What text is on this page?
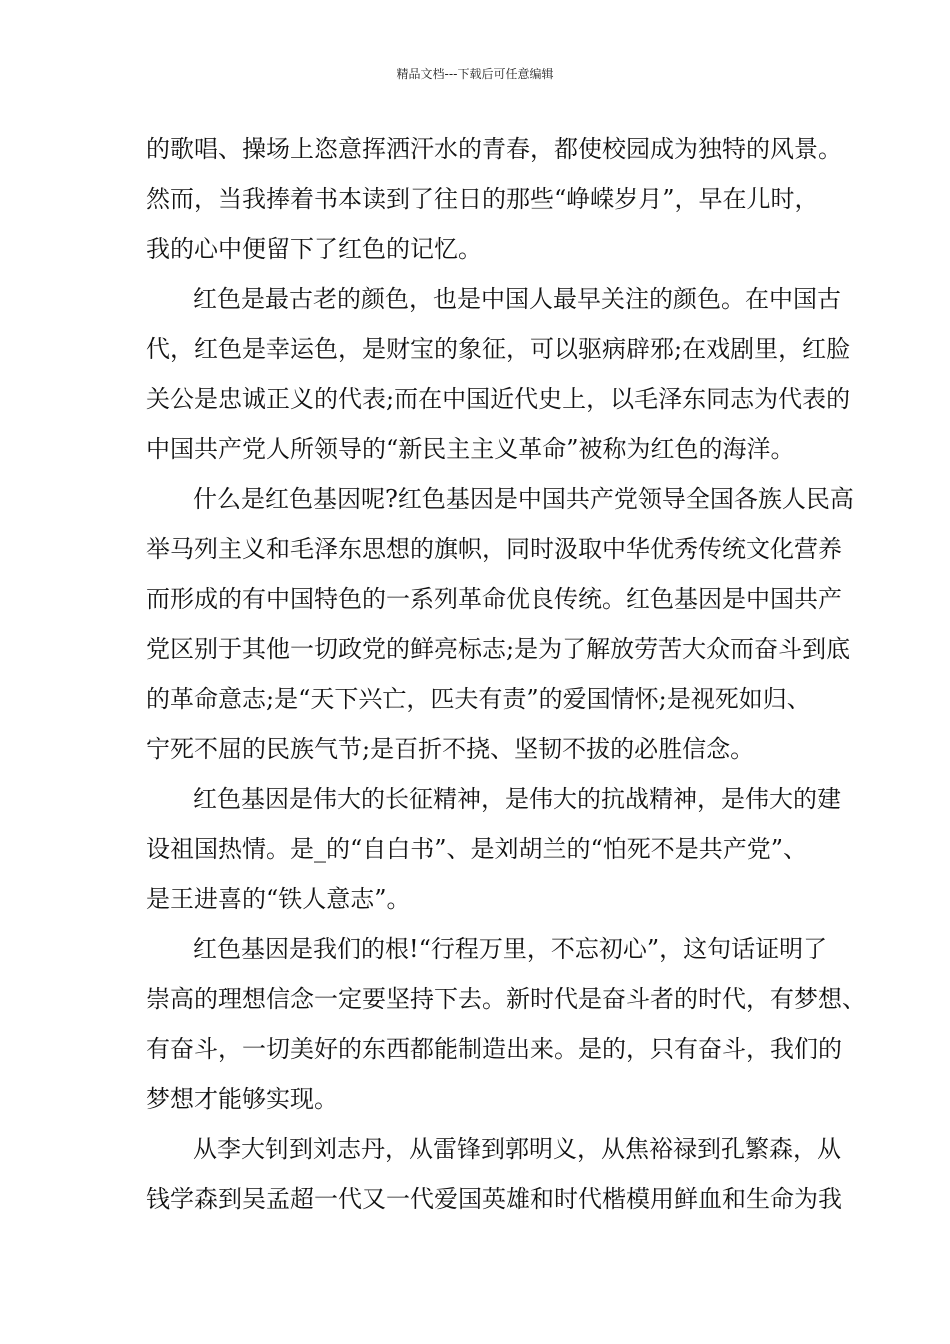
精品文档---下载后可任意编辑
的歌唱、操场上恣意挥洒汗水的青春，都使校园成为独特的风景。
然而，当我捧着书本读到了往日的那些“峥嵘岁月”，早在儿时，
我的心中便留下了红色的记忆。
红色是最古老的颜色，也是中国人最早关注的颜色。在中国古
代，红色是幸运色，是财宝的象征，可以驱病辟邪;在戏剧里，红脸
关公是忠诚正义的代表;而在中国近代史上，以毛泽东同志为代表的
中国共产党人所领导的“新民主主义革命”被称为红色的海洋。
什么是红色基因呢?红色基因是中国共产党领导全国各族人民高
举马列主义和毛泽东思想的旗帜，同时汲取中华优秀传统文化营养
而形成的有中国特色的一系列革命优良传统。红色基因是中国共产
党区别于其他一切政党的鲜亮标志;是为了解放劳苦大众而奋斗到底
的革命意志;是“天下兴亡，匹夫有责”的爱国情怀;是视死如归、
宁死不屈的民族气节;是百折不挠、坚韧不拔的必胜信念。
红色基因是伟大的长征精神，是伟大的抗战精神，是伟大的建
设祖国热情。是_的“自白书”、是刘胡兰的“怕死不是共产党”、
是王进喜的“铁人意志”。
红色基因是我们的根!“行程万里，不忘初心”，这句话证明了
崇高的理想信念一定要坚持下去。新时代是奋斗者的时代，有梦想、
有奋斗，一切美好的东西都能制造出来。是的，只有奋斗，我们的
梦想才能够实现。
从李大钊到刘志丹，从雷锋到郭明义，从焦裕禄到孔繁森，从
钱学森到吴孟超一代又一代爱国英雄和时代楷模用鲜血和生命为我
